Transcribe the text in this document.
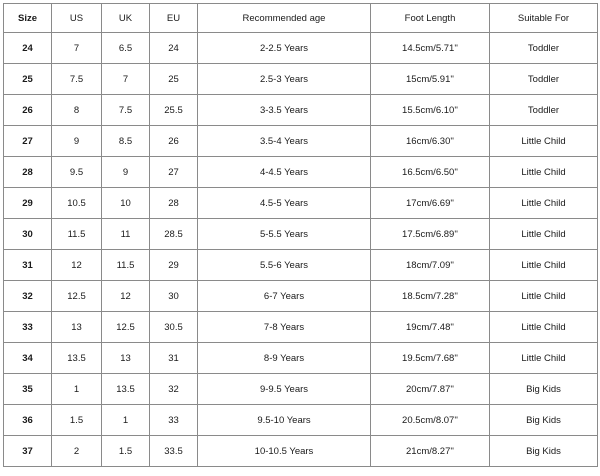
Size	US	UK	EU	Recommended age	Foot Length	Suitable For
24	7	6.5	24	2-2.5 Years	14.5cm/5.71''	Toddler
25	7.5	7	25	2.5-3 Years	15cm/5.91''	Toddler
26	8	7.5	25.5	3-3.5 Years	15.5cm/6.10''	Toddler
27	9	8.5	26	3.5-4 Years	16cm/6.30''	Little Child
28	9.5	9	27	4-4.5 Years	16.5cm/6.50''	Little Child
29	10.5	10	28	4.5-5 Years	17cm/6.69''	Little Child
30	11.5	11	28.5	5-5.5 Years	17.5cm/6.89''	Little Child
31	12	11.5	29	5.5-6 Years	18cm/7.09''	Little Child
32	12.5	12	30	6-7 Years	18.5cm/7.28''	Little Child
33	13	12.5	30.5	7-8 Years	19cm/7.48''	Little Child
34	13.5	13	31	8-9 Years	19.5cm/7.68''	Little Child
35	1	13.5	32	9-9.5 Years	20cm/7.87''	Big Kids
36	1.5	1	33	9.5-10 Years	20.5cm/8.07''	Big Kids
37	2	1.5	33.5	10-10.5 Years	21cm/8.27''	Big Kids
